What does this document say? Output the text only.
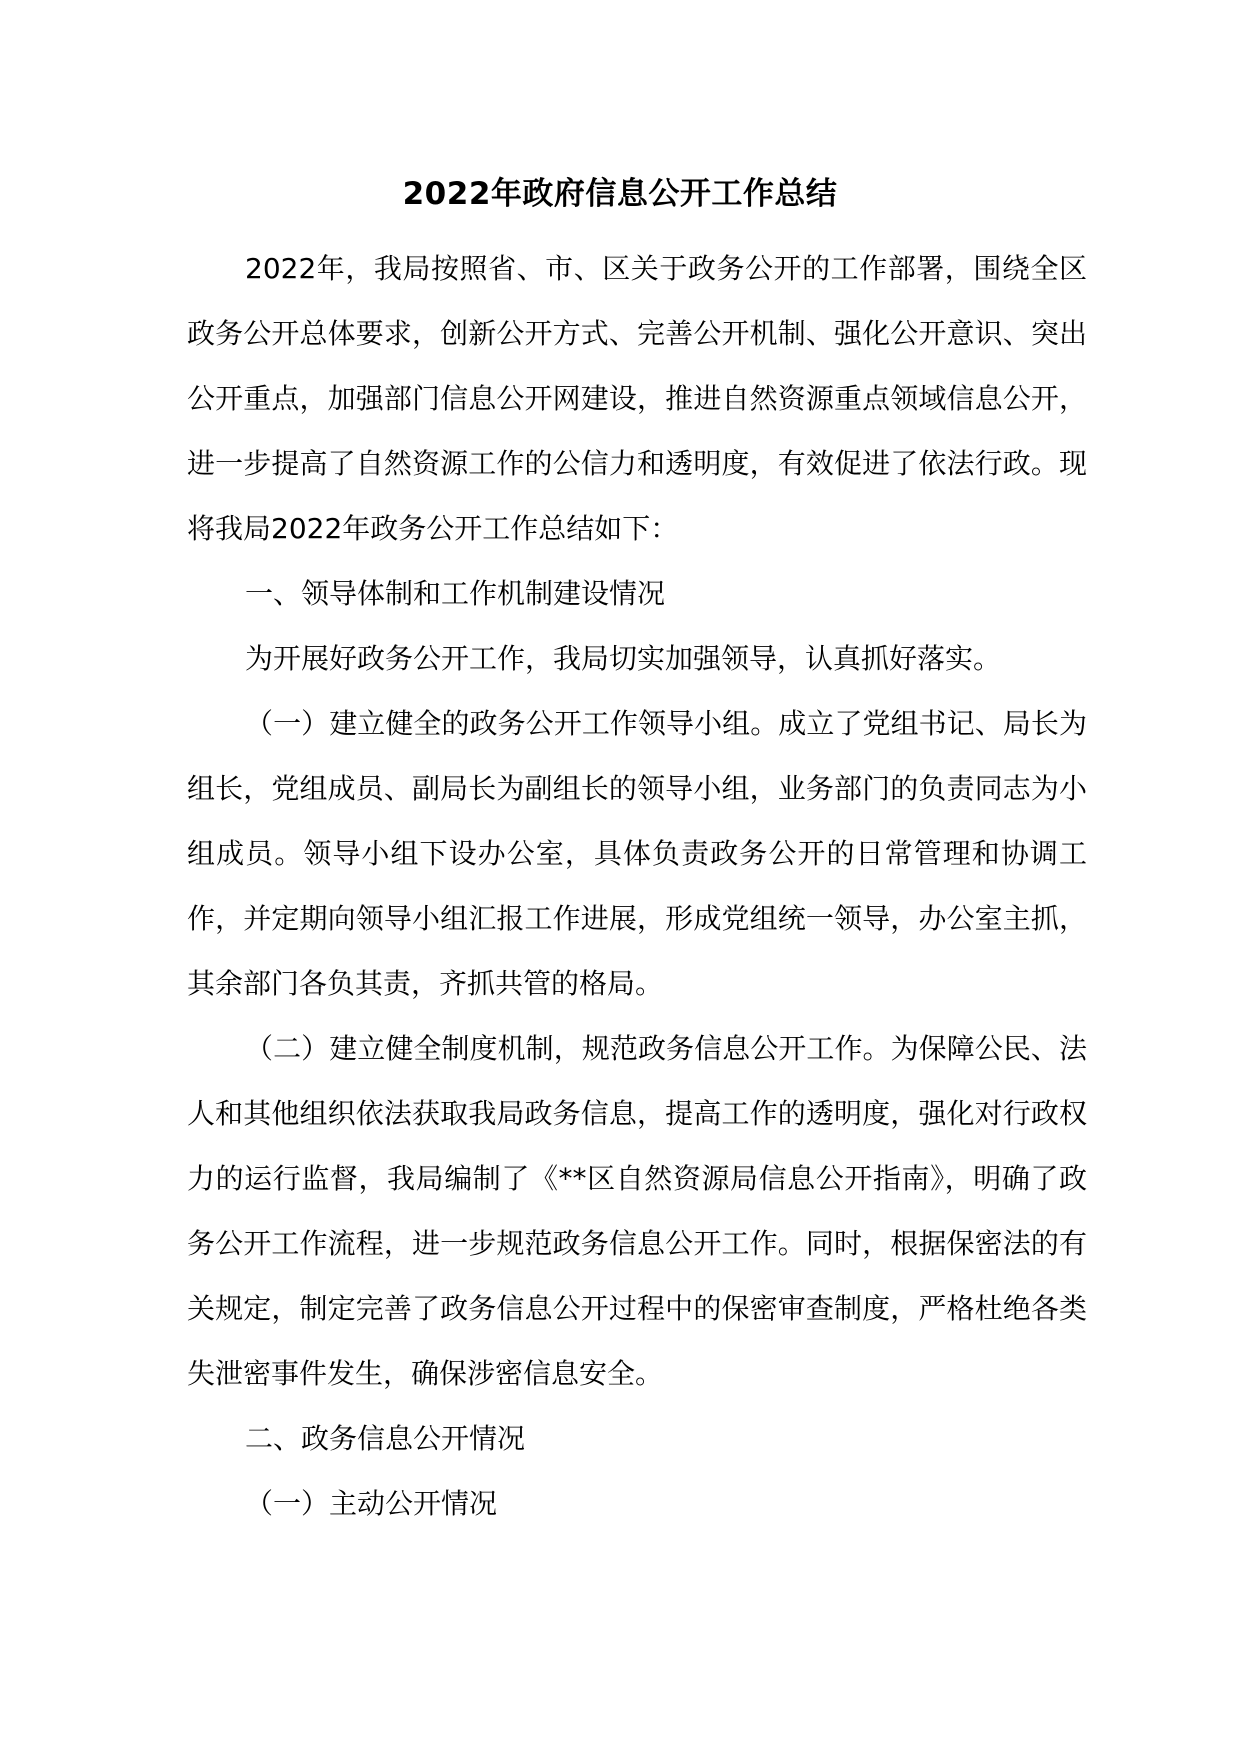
2022年政府信息公开工作总结

2022年，我局按照省、市、区关于政务公开的工作部署，围绕全区政务公开总体要求，创新公开方式、完善公开机制、强化公开意识、突出公开重点，加强部门信息公开网建设，推进自然资源重点领域信息公开，进一步提高了自然资源工作的公信力和透明度，有效促进了依法行政。现将我局2022年政务公开工作总结如下：

一、领导体制和工作机制建设情况

为开展好政务公开工作，我局切实加强领导，认真抓好落实。

（一）建立健全的政务公开工作领导小组。成立了党组书记、局长为组长，党组成员、副局长为副组长的领导小组，业务部门的负责同志为小组成员。领导小组下设办公室，具体负责政务公开的日常管理和协调工作，并定期向领导小组汇报工作进展，形成党组统一领导，办公室主抓，其余部门各负其责，齐抓共管的格局。

（二）建立健全制度机制，规范政务信息公开工作。为保障公民、法人和其他组织依法获取我局政务信息，提高工作的透明度，强化对行政权力的运行监督，我局编制了《**区自然资源局信息公开指南》，明确了政务公开工作流程，进一步规范政务信息公开工作。同时，根据保密法的有关规定，制定完善了政务信息公开过程中的保密审查制度，严格杜绝各类失泄密事件发生，确保涉密信息安全。

二、政务信息公开情况

（一）主动公开情况
